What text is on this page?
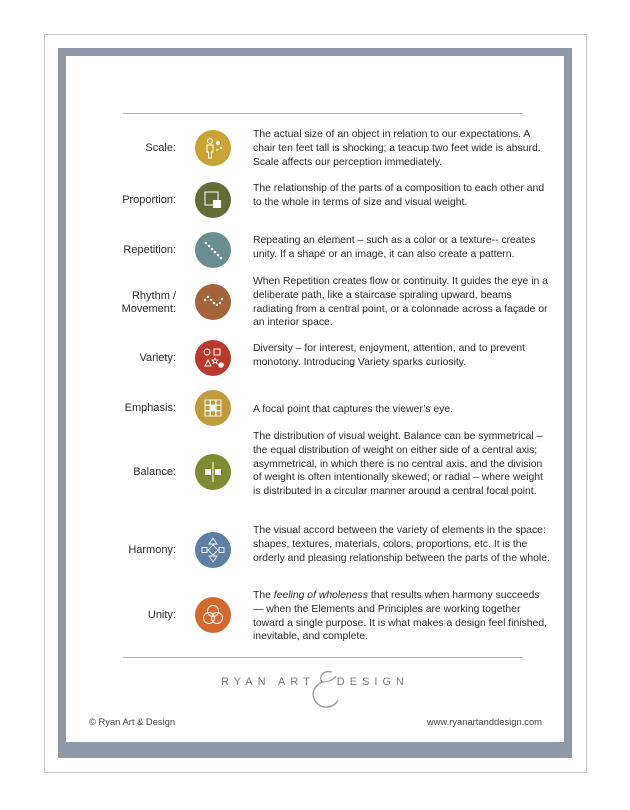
Scale:
The actual size of an object in relation to our expectations. A chair ten feet tall is shocking; a teacup two feet wide is absurd. Scale affects our perception immediately.
Proportion:
The relationship of the parts of a composition to each other and to the whole in terms of size and visual weight.
Repetition:
Repeating an element – such as a color or a texture-- creates unity. If a shape or an image, it can also create a pattern.
Rhythm /
Movement:
When Repetition creates flow or continuity. It guides the eye in a deliberate path, like a staircase spiraling upward, beams radiating from a central point, or a colonnade across a façade or an interior space.
Variety:
Diversity – for interest, enjoyment, attention, and to prevent monotony. Introducing Variety sparks curiosity.
Emphasis:	A focal point that captures the viewer’s eye.
Balance:
The distribution of visual weight. Balance can be symmetrical – the equal distribution of weight on either side of a central axis; asymmetrical, in which there is no central axis, and the division of weight is often intentionally skewed; or radial – where weight is distributed in a circular manner around a central focal point.
Harmony:
The visual accord between the variety of elements in the space: shapes, textures, materials, colors, proportions, etc. It is the orderly and pleasing relationship between the parts of the whole.
Unity:
The feeling of wholeness that results when harmony succeeds — when the Elements and Principles are working together toward a single purpose. It is what makes a design feel finished, inevitable, and complete.
RYAN ART DESIGN
© Ryan Art & Design	www.ryanartanddesign.com
